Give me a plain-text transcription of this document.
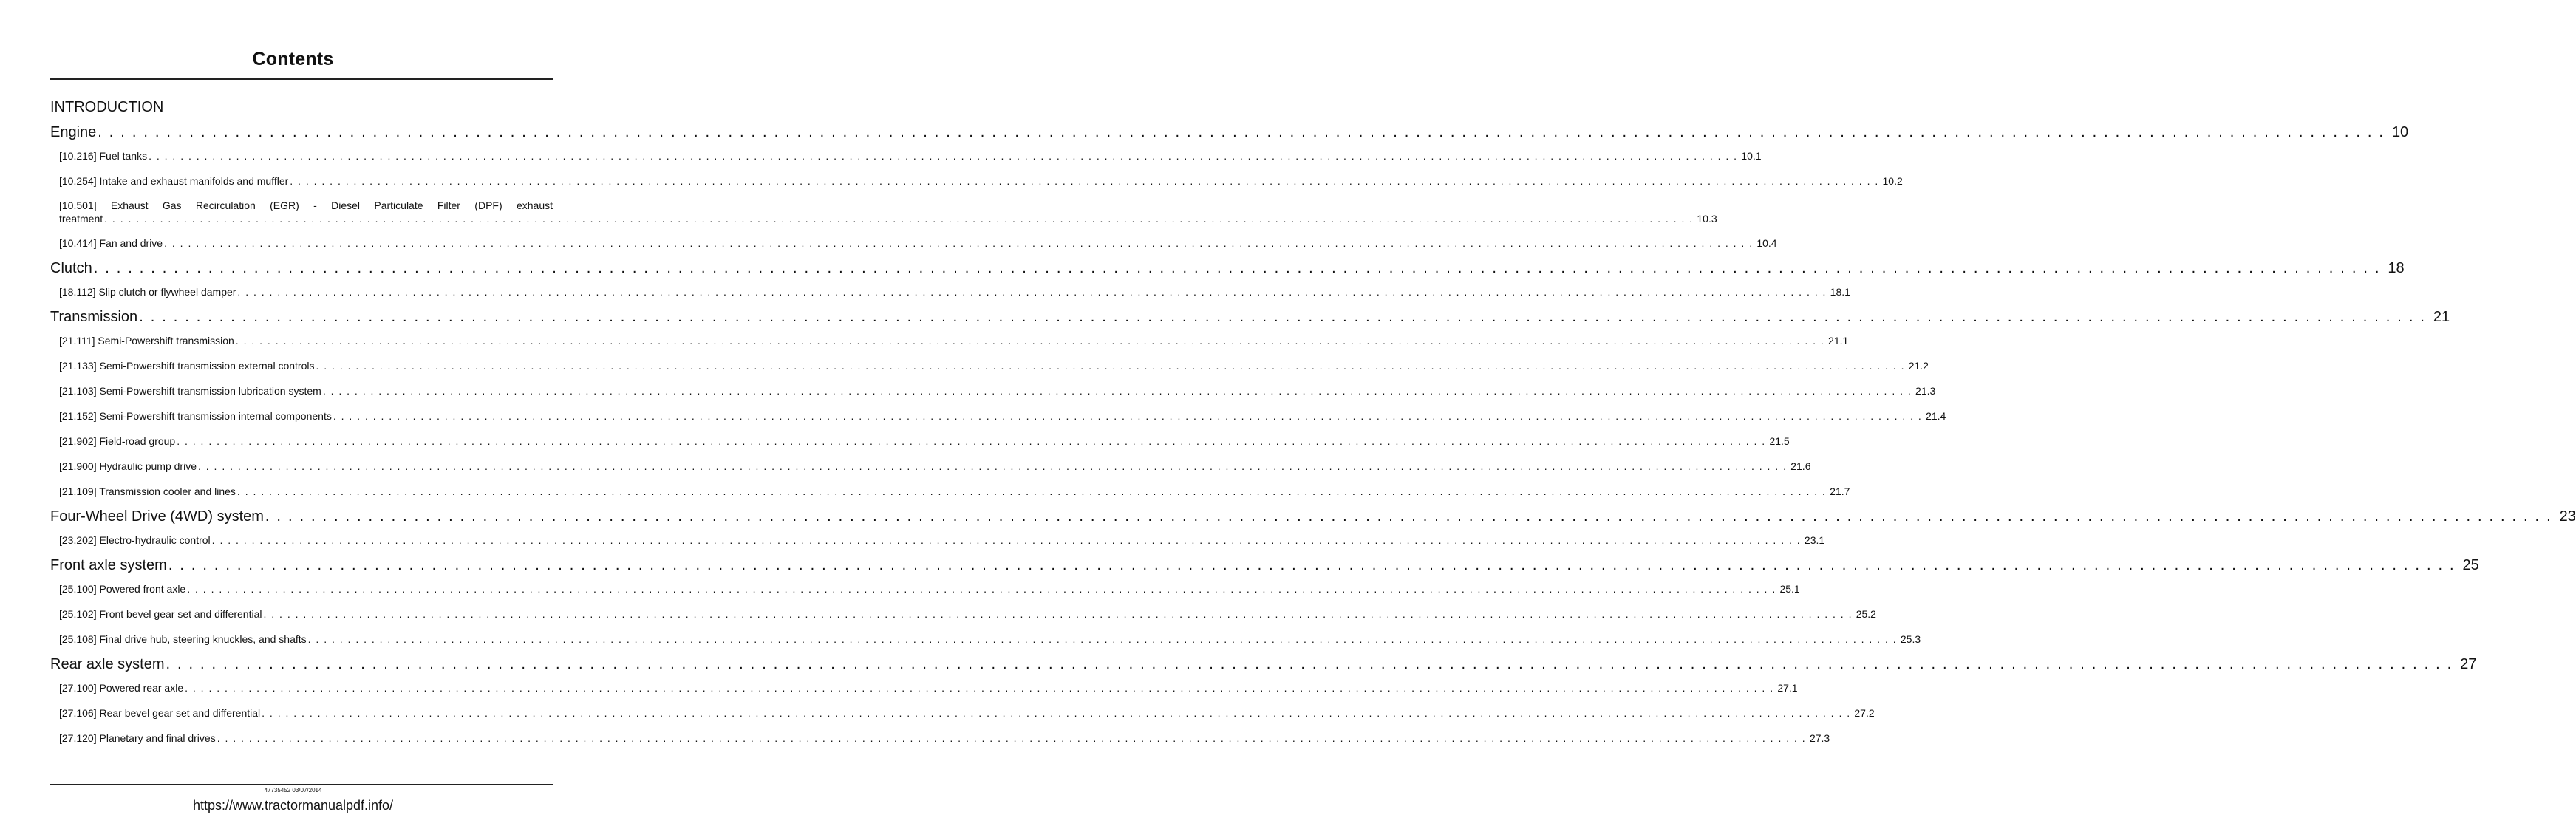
Contents
INTRODUCTION
Engine . . . . . . . . . . . . . . . . . . . . . . . . . . . . . . . . . . . . . . . . . . . . . . . . . . . . . . . . . . . . . . . . . . . . . . . . . . . . . . . . . . . . . . . . . . . . . . . . . . . . . . . . . . . . . . . . . . . . . . . . . . . . . . . . . . . . . . . . . . . . . . . . . . . . . . . . . . . . . . . . . . . . . . . . . . . . . . . . . . . . . . . . . . . . . . . . . . . . . . . . 10
[10.216] Fuel tanks . . . . . . . . . . . . . . . . . . . . . . . . . . . . . . . . . . . . . . . . . . . . . . . . . . . . . . . . . . . . . . . . . . . . . . . . . . . . . . . . . . . . . . . . . . . . . . . . . . . . . . . . . . . . . . . . . . . . . . . . . . . . . . . . . . . . . . . . . . . . . . . . . . . . . . . . . . . . . . . . . . . . . . . . . . . . . . . . . . . . . . . . . . . . . . . . . . . . . . . . 10.1
[10.254] Intake and exhaust manifolds and muffler . . . . . . . . . . . . . . . . . . . . . . . . . . . . . . . . . . . . . . . . . . . . . . . . . . . . . . . . . . . . . . . . . . . . . . . . . . . . . . . . . . . . . . . . . . . . . . . . . . . . . . . . . . . . . . . . . . . . . . . . . . . . . . . . . . . . . . . . . . . . . . . . . . . . . . . . . . . . . . . . . . . . . . . . . . . . . . . . . . . . . . . . . . . . . . . . . . . . . . . . 10.2
[10.501] Exhaust Gas Recirculation (EGR) - Diesel Particulate Filter (DPF) exhaust
treatment . . . . . . . . . . . . . . . . . . . . . . . . . . . . . . . . . . . . . . . . . . . . . . . . . . . . . . . . . . . . . . . . . . . . . . . . . . . . . . . . . . . . . . . . . . . . . . . . . . . . . . . . . . . . . . . . . . . . . . . . . . . . . . . . . . . . . . . . . . . . . . . . . . . . . . . . . . . . . . . . . . . . . . . . . . . . . . . . . . . . . . . . . . . . . . . . . . . . . . . . 10.3
[10.414] Fan and drive . . . . . . . . . . . . . . . . . . . . . . . . . . . . . . . . . . . . . . . . . . . . . . . . . . . . . . . . . . . . . . . . . . . . . . . . . . . . . . . . . . . . . . . . . . . . . . . . . . . . . . . . . . . . . . . . . . . . . . . . . . . . . . . . . . . . . . . . . . . . . . . . . . . . . . . . . . . . . . . . . . . . . . . . . . . . . . . . . . . . . . . . . . . . . . . . . . . . . . . . 10.4
Clutch . . . . . . . . . . . . . . . . . . . . . . . . . . . . . . . . . . . . . . . . . . . . . . . . . . . . . . . . . . . . . . . . . . . . . . . . . . . . . . . . . . . . . . . . . . . . . . . . . . . . . . . . . . . . . . . . . . . . . . . . . . . . . . . . . . . . . . . . . . . . . . . . . . . . . . . . . . . . . . . . . . . . . . . . . . . . . . . . . . . . . . . . . . . . . . . . . . . . . . . . 18
[18.112] Slip clutch or flywheel damper . . . . . . . . . . . . . . . . . . . . . . . . . . . . . . . . . . . . . . . . . . . . . . . . . . . . . . . . . . . . . . . . . . . . . . . . . . . . . . . . . . . . . . . . . . . . . . . . . . . . . . . . . . . . . . . . . . . . . . . . . . . . . . . . . . . . . . . . . . . . . . . . . . . . . . . . . . . . . . . . . . . . . . . . . . . . . . . . . . . . . . . . . . . . . . . . . . . . . . . . 18.1
Transmission . . . . . . . . . . . . . . . . . . . . . . . . . . . . . . . . . . . . . . . . . . . . . . . . . . . . . . . . . . . . . . . . . . . . . . . . . . . . . . . . . . . . . . . . . . . . . . . . . . . . . . . . . . . . . . . . . . . . . . . . . . . . . . . . . . . . . . . . . . . . . . . . . . . . . . . . . . . . . . . . . . . . . . . . . . . . . . . . . . . . . . . . . . . . . . . . . . . . . . . . 21
[21.111] Semi-Powershift transmission . . . . . . . . . . . . . . . . . . . . . . . . . . . . . . . . . . . . . . . . . . . . . . . . . . . . . . . . . . . . . . . . . . . . . . . . . . . . . . . . . . . . . . . . . . . . . . . . . . . . . . . . . . . . . . . . . . . . . . . . . . . . . . . . . . . . . . . . . . . . . . . . . . . . . . . . . . . . . . . . . . . . . . . . . . . . . . . . . . . . . . . . . . . . . . . . . . . . . . . . 21.1
[21.133] Semi-Powershift transmission external controls . . . . . . . . . . . . . . . . . . . . . . . . . . . . . . . . . . . . . . . . . . . . . . . . . . . . . . . . . . . . . . . . . . . . . . . . . . . . . . . . . . . . . . . . . . . . . . . . . . . . . . . . . . . . . . . . . . . . . . . . . . . . . . . . . . . . . . . . . . . . . . . . . . . . . . . . . . . . . . . . . . . . . . . . . . . . . . . . . . . . . . . . . . . . . . . . . . . . . . . . 21.2
[21.103] Semi-Powershift transmission lubrication system . . . . . . . . . . . . . . . . . . . . . . . . . . . . . . . . . . . . . . . . . . . . . . . . . . . . . . . . . . . . . . . . . . . . . . . . . . . . . . . . . . . . . . . . . . . . . . . . . . . . . . . . . . . . . . . . . . . . . . . . . . . . . . . . . . . . . . . . . . . . . . . . . . . . . . . . . . . . . . . . . . . . . . . . . . . . . . . . . . . . . . . . . . . . . . . . . . . . . . . . 21.3
[21.152] Semi-Powershift transmission internal components . . . . . . . . . . . . . . . . . . . . . . . . . . . . . . . . . . . . . . . . . . . . . . . . . . . . . . . . . . . . . . . . . . . . . . . . . . . . . . . . . . . . . . . . . . . . . . . . . . . . . . . . . . . . . . . . . . . . . . . . . . . . . . . . . . . . . . . . . . . . . . . . . . . . . . . . . . . . . . . . . . . . . . . . . . . . . . . . . . . . . . . . . . . . . . . . . . . . . . . . 21.4
[21.902] Field-road group . . . . . . . . . . . . . . . . . . . . . . . . . . . . . . . . . . . . . . . . . . . . . . . . . . . . . . . . . . . . . . . . . . . . . . . . . . . . . . . . . . . . . . . . . . . . . . . . . . . . . . . . . . . . . . . . . . . . . . . . . . . . . . . . . . . . . . . . . . . . . . . . . . . . . . . . . . . . . . . . . . . . . . . . . . . . . . . . . . . . . . . . . . . . . . . . . . . . . . . . 21.5
[21.900] Hydraulic pump drive . . . . . . . . . . . . . . . . . . . . . . . . . . . . . . . . . . . . . . . . . . . . . . . . . . . . . . . . . . . . . . . . . . . . . . . . . . . . . . . . . . . . . . . . . . . . . . . . . . . . . . . . . . . . . . . . . . . . . . . . . . . . . . . . . . . . . . . . . . . . . . . . . . . . . . . . . . . . . . . . . . . . . . . . . . . . . . . . . . . . . . . . . . . . . . . . . . . . . . . . 21.6
[21.109] Transmission cooler and lines . . . . . . . . . . . . . . . . . . . . . . . . . . . . . . . . . . . . . . . . . . . . . . . . . . . . . . . . . . . . . . . . . . . . . . . . . . . . . . . . . . . . . . . . . . . . . . . . . . . . . . . . . . . . . . . . . . . . . . . . . . . . . . . . . . . . . . . . . . . . . . . . . . . . . . . . . . . . . . . . . . . . . . . . . . . . . . . . . . . . . . . . . . . . . . . . . . . . . . . . 21.7
Four-Wheel Drive (4WD) system . . . . . . . . . . . . . . . . . . . . . . . . . . . . . . . . . . . . . . . . . . . . . . . . . . . . . . . . . . . . . . . . . . . . . . . . . . . . . . . . . . . . . . . . . . . . . . . . . . . . . . . . . . . . . . . . . . . . . . . . . . . . . . . . . . . . . . . . . . . . . . . . . . . . . . . . . . . . . . . . . . . . . . . . . . . . . . . . . . . . . . . . . . . . . . . . . . . . . . . . 23
[23.202] Electro-hydraulic control . . . . . . . . . . . . . . . . . . . . . . . . . . . . . . . . . . . . . . . . . . . . . . . . . . . . . . . . . . . . . . . . . . . . . . . . . . . . . . . . . . . . . . . . . . . . . . . . . . . . . . . . . . . . . . . . . . . . . . . . . . . . . . . . . . . . . . . . . . . . . . . . . . . . . . . . . . . . . . . . . . . . . . . . . . . . . . . . . . . . . . . . . . . . . . . . . . . . . . . . 23.1
Front axle system . . . . . . . . . . . . . . . . . . . . . . . . . . . . . . . . . . . . . . . . . . . . . . . . . . . . . . . . . . . . . . . . . . . . . . . . . . . . . . . . . . . . . . . . . . . . . . . . . . . . . . . . . . . . . . . . . . . . . . . . . . . . . . . . . . . . . . . . . . . . . . . . . . . . . . . . . . . . . . . . . . . . . . . . . . . . . . . . . . . . . . . . . . . . . . . . . . . . . . . . 25
[25.100] Powered front axle . . . . . . . . . . . . . . . . . . . . . . . . . . . . . . . . . . . . . . . . . . . . . . . . . . . . . . . . . . . . . . . . . . . . . . . . . . . . . . . . . . . . . . . . . . . . . . . . . . . . . . . . . . . . . . . . . . . . . . . . . . . . . . . . . . . . . . . . . . . . . . . . . . . . . . . . . . . . . . . . . . . . . . . . . . . . . . . . . . . . . . . . . . . . . . . . . . . . . . . . 25.1
[25.102] Front bevel gear set and differential . . . . . . . . . . . . . . . . . . . . . . . . . . . . . . . . . . . . . . . . . . . . . . . . . . . . . . . . . . . . . . . . . . . . . . . . . . . . . . . . . . . . . . . . . . . . . . . . . . . . . . . . . . . . . . . . . . . . . . . . . . . . . . . . . . . . . . . . . . . . . . . . . . . . . . . . . . . . . . . . . . . . . . . . . . . . . . . . . . . . . . . . . . . . . . . . . . . . . . . . 25.2
[25.108] Final drive hub, steering knuckles, and shafts . . . . . . . . . . . . . . . . . . . . . . . . . . . . . . . . . . . . . . . . . . . . . . . . . . . . . . . . . . . . . . . . . . . . . . . . . . . . . . . . . . . . . . . . . . . . . . . . . . . . . . . . . . . . . . . . . . . . . . . . . . . . . . . . . . . . . . . . . . . . . . . . . . . . . . . . . . . . . . . . . . . . . . . . . . . . . . . . . . . . . . . . . . . . . . . . . . . . . . . . 25.3
Rear axle system . . . . . . . . . . . . . . . . . . . . . . . . . . . . . . . . . . . . . . . . . . . . . . . . . . . . . . . . . . . . . . . . . . . . . . . . . . . . . . . . . . . . . . . . . . . . . . . . . . . . . . . . . . . . . . . . . . . . . . . . . . . . . . . . . . . . . . . . . . . . . . . . . . . . . . . . . . . . . . . . . . . . . . . . . . . . . . . . . . . . . . . . . . . . . . . . . . . . . . . . 27
[27.100] Powered rear axle . . . . . . . . . . . . . . . . . . . . . . . . . . . . . . . . . . . . . . . . . . . . . . . . . . . . . . . . . . . . . . . . . . . . . . . . . . . . . . . . . . . . . . . . . . . . . . . . . . . . . . . . . . . . . . . . . . . . . . . . . . . . . . . . . . . . . . . . . . . . . . . . . . . . . . . . . . . . . . . . . . . . . . . . . . . . . . . . . . . . . . . . . . . . . . . . . . . . . . . . 27.1
[27.106] Rear bevel gear set and differential . . . . . . . . . . . . . . . . . . . . . . . . . . . . . . . . . . . . . . . . . . . . . . . . . . . . . . . . . . . . . . . . . . . . . . . . . . . . . . . . . . . . . . . . . . . . . . . . . . . . . . . . . . . . . . . . . . . . . . . . . . . . . . . . . . . . . . . . . . . . . . . . . . . . . . . . . . . . . . . . . . . . . . . . . . . . . . . . . . . . . . . . . . . . . . . . . . . . . . . . 27.2
[27.120] Planetary and final drives . . . . . . . . . . . . . . . . . . . . . . . . . . . . . . . . . . . . . . . . . . . . . . . . . . . . . . . . . . . . . . . . . . . . . . . . . . . . . . . . . . . . . . . . . . . . . . . . . . . . . . . . . . . . . . . . . . . . . . . . . . . . . . . . . . . . . . . . . . . . . . . . . . . . . . . . . . . . . . . . . . . . . . . . . . . . . . . . . . . . . . . . . . . . . . . . . . . . . . . . 27.3
47735452 03/07/2014
https://www.tractormanualpdf.info/
